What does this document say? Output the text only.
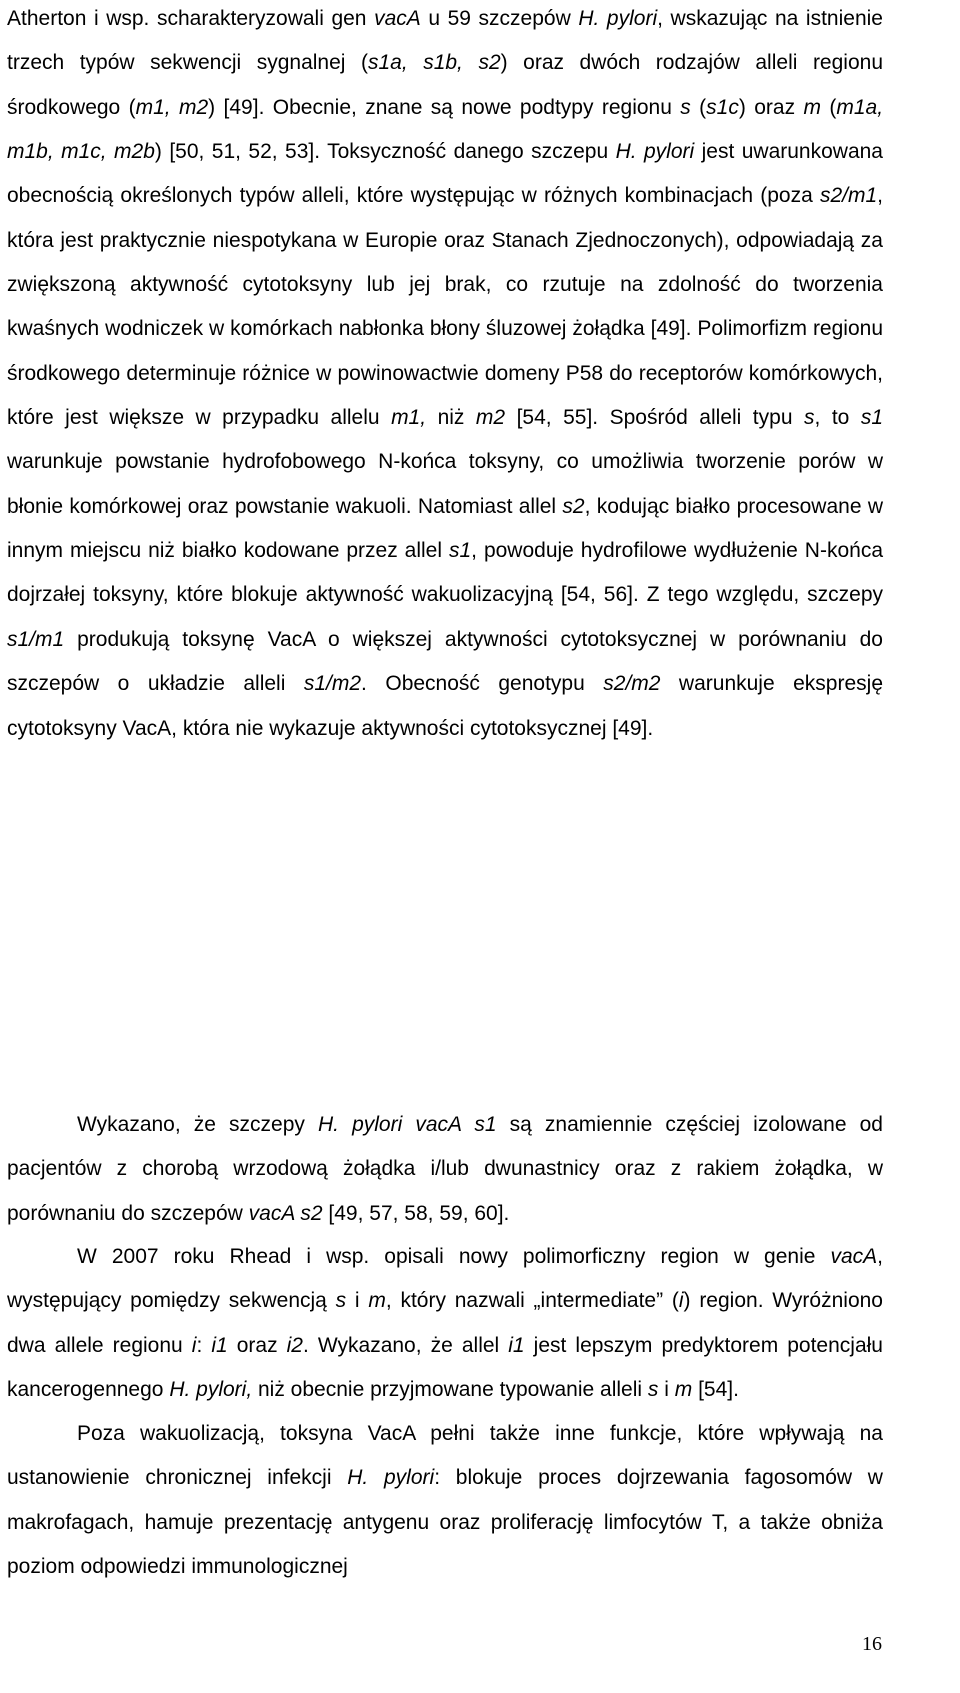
Atherton i wsp. scharakteryzowali gen vacA u 59 szczepów H. pylori, wskazując na istnienie trzech typów sekwencji sygnalnej (s1a, s1b, s2) oraz dwóch rodzajów alleli regionu środkowego (m1, m2) [49]. Obecnie, znane są nowe podtypy regionu s (s1c) oraz m (m1a, m1b, m1c, m2b) [50, 51, 52, 53]. Toksyczność danego szczepu H. pylori jest uwarunkowana obecnością określonych typów alleli, które występując w różnych kombinacjach (poza s2/m1, która jest praktycznie niespotykana w Europie oraz Stanach Zjednoczonych), odpowiadają za zwiększoną aktywność cytotoksyny lub jej brak, co rzutuje na zdolność do tworzenia kwaśnych wodniczek w komórkach nabłonka błony śluzowej żołądka [49]. Polimorfizm regionu środkowego determinuje różnice w powinowactwie domeny P58 do receptorów komórkowych, które jest większe w przypadku allelu m1, niż m2 [54, 55]. Spośród alleli typu s, to s1 warunkuje powstanie hydrofobowego N-końca toksyny, co umożliwia tworzenie porów w błonie komórkowej oraz powstanie wakuoli. Natomiast allel s2, kodując białko procesowane w innym miejscu niż białko kodowane przez allel s1, powoduje hydrofilowe wydłużenie N-końca dojrzałej toksyny, które blokuje aktywność wakuolizacyjną [54, 56]. Z tego względu, szczepy s1/m1 produkują toksynę VacA o większej aktywności cytotoksycznej w porównaniu do szczepów o układzie alleli s1/m2. Obecność genotypu s2/m2 warunkuje ekspresję cytotoksyny VacA, która nie wykazuje aktywności cytotoksycznej [49].

Wykazano, że szczepy H. pylori vacA s1 są znamiennie częściej izolowane od pacjentów z chorobą wrzodową żołądka i/lub dwunastnicy oraz z rakiem żołądka, w porównaniu do szczepów vacA s2 [49, 57, 58, 59, 60].

W 2007 roku Rhead i wsp. opisali nowy polimorficzny region w genie vacA, występujący pomiędzy sekwencją s i m, który nazwali „intermediate” (i) region. Wyróżniono dwa allele regionu i: i1 oraz i2. Wykazano, że allel i1 jest lepszym predyktorem potencjału kancerogennego H. pylori, niż obecnie przyjmowane typowanie alleli s i m [54].

Poza wakuolizacją, toksyna VacA pełni także inne funkcje, które wpływają na ustanowienie chronicznej infekcji H. pylori: blokuje proces dojrzewania fagosomów w makrofagach, hamuje prezentację antygenu oraz proliferację limfocytów T, a także obniża poziom odpowiedzi immunologicznej

16
